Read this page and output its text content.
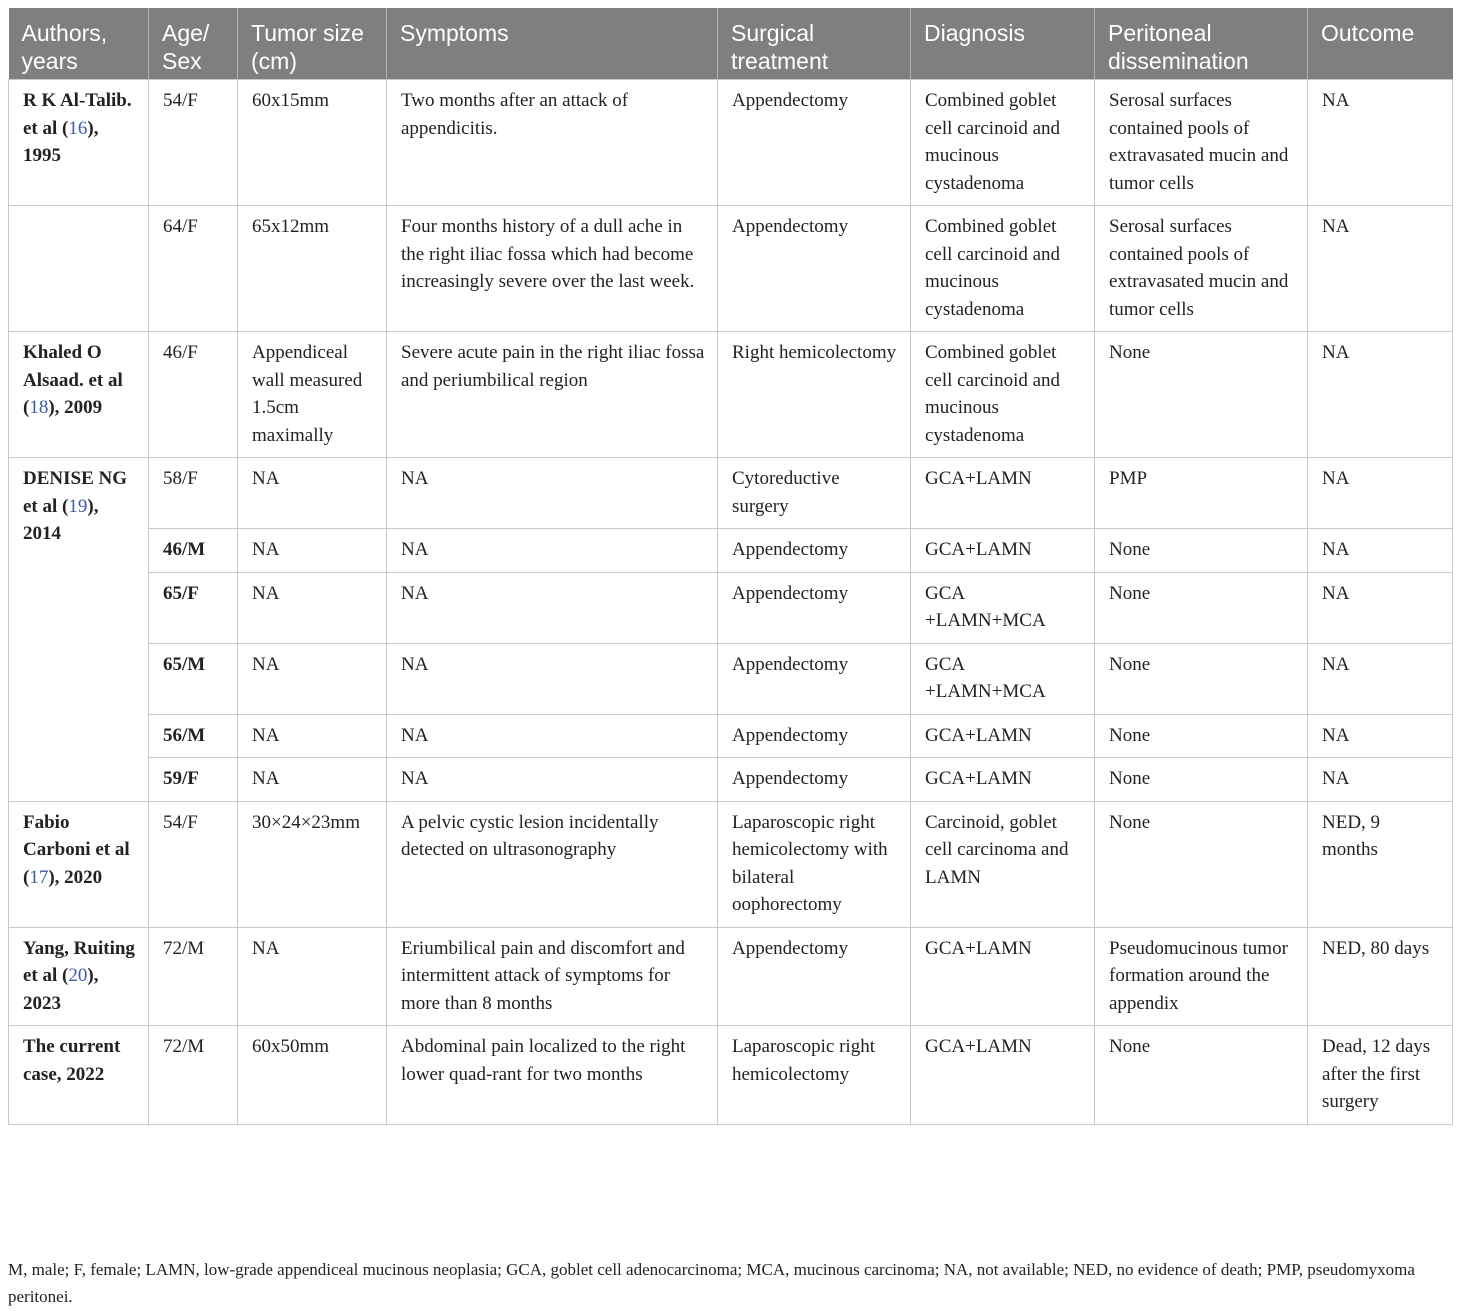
Authors, years	Age/ Sex	Tumor size (cm)	Symptoms	Surgical treatment	Diagnosis	Peritoneal dissemination	Outcome
R K Al-Talib. et al (16), 1995	54/F	60x15mm	Two months after an attack of appendicitis.	Appendectomy	Combined goblet cell carcinoid and mucinous cystadenoma	Serosal surfaces contained pools of extravasated mucin and tumor cells	NA
	64/F	65x12mm	Four months history of a dull ache in the right iliac fossa which had become increasingly severe over the last week.	Appendectomy	Combined goblet cell carcinoid and mucinous cystadenoma	Serosal surfaces contained pools of extravasated mucin and tumor cells	NA
Khaled O Alsaad. et al (18), 2009	46/F	Appendiceal wall measured 1.5cm maximally	Severe acute pain in the right iliac fossa and periumbilical region	Right hemicolectomy	Combined goblet cell carcinoid and mucinous cystadenoma	None	NA
DENISE NG et al (19), 2014	58/F	NA	NA	Cytoreductive surgery	GCA+LAMN	PMP	NA
	46/M	NA	NA	Appendectomy	GCA+LAMN	None	NA
	65/F	NA	NA	Appendectomy	GCA +LAMN+MCA	None	NA
	65/M	NA	NA	Appendectomy	GCA +LAMN+MCA	None	NA
	56/M	NA	NA	Appendectomy	GCA+LAMN	None	NA
	59/F	NA	NA	Appendectomy	GCA+LAMN	None	NA
Fabio Carboni et al (17), 2020	54/F	30×24×23mm	A pelvic cystic lesion incidentally detected on ultrasonography	Laparoscopic right hemicolectomy with bilateral oophorectomy	Carcinoid, goblet cell carcinoma and LAMN	None	NED, 9 months
Yang, Ruiting et al (20), 2023	72/M	NA	Eriumbilical pain and discomfort and intermittent attack of symptoms for more than 8 months	Appendectomy	GCA+LAMN	Pseudomucinous tumor formation around the appendix	NED, 80 days
The current case, 2022	72/M	60x50mm	Abdominal pain localized to the right lower quad-rant for two months	Laparoscopic right hemicolectomy	GCA+LAMN	None	Dead, 12 days after the first surgery
M, male; F, female; LAMN, low-grade appendiceal mucinous neoplasia; GCA, goblet cell adenocarcinoma; MCA, mucinous carcinoma; NA, not available; NED, no evidence of death; PMP, pseudomyxoma peritonei.
